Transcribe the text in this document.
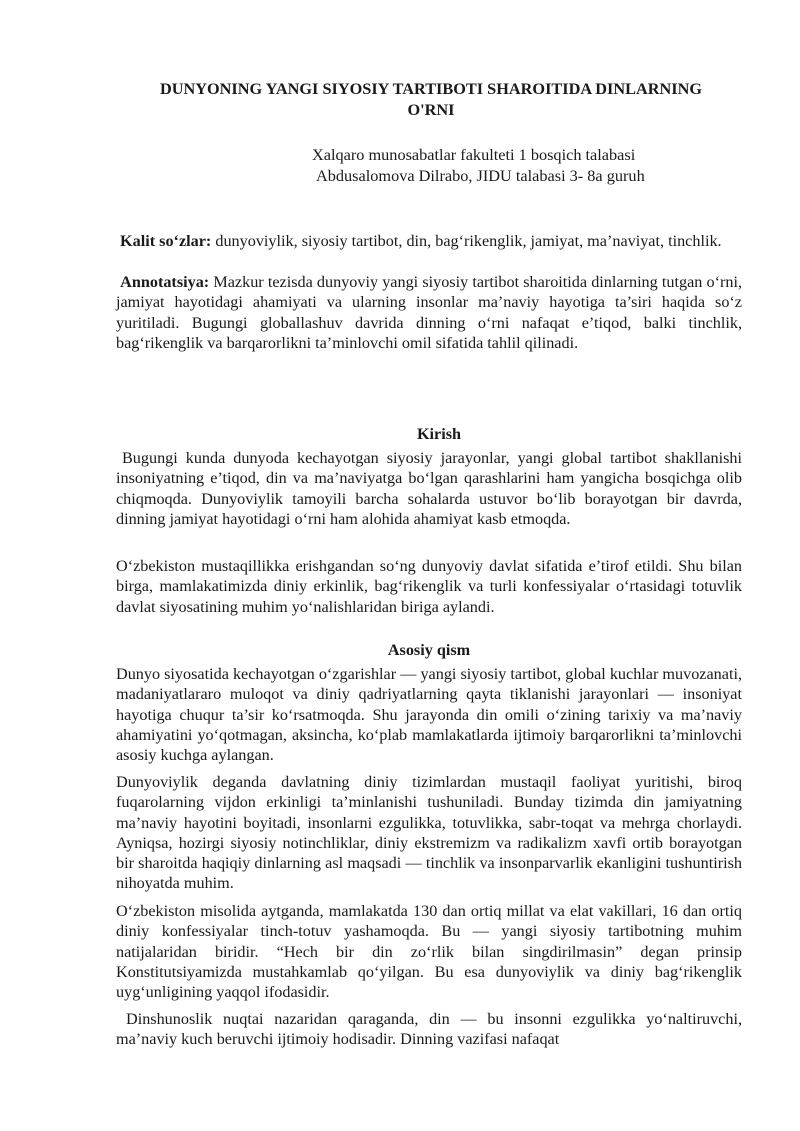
DUNYONING YANGI SIYOSIY TARTIBOTI SHAROITIDA DINLARNING
O'RNI
Xalqaro munosabatlar fakulteti 1 bosqich talabasi
Abdusalomova Dilrabo, JIDU talabasi 3- 8a guruh
Kalit so‘zlar: dunyoviylik, siyosiy tartibot, din, bag‘rikenglik, jamiyat, ma’naviyat, tinchlik.
Annotatsiya: Mazkur tezisda dunyoviy yangi siyosiy tartibot sharoitida dinlarning tutgan o‘rni, jamiyat hayotidagi ahamiyati va ularning insonlar ma’naviy hayotiga ta’siri haqida so‘z yuritiladi. Bugungi globallashuv davrida dinning o‘rni nafaqat e’tiqod, balki tinchlik, bag‘rikenglik va barqarorlikni ta’minlovchi omil sifatida tahlil qilinadi.
Kirish
Bugungi kunda dunyoda kechayotgan siyosiy jarayonlar, yangi global tartibot shakllanishi insoniyatning e’tiqod, din va ma’naviyatga bo‘lgan qarashlarini ham yangicha bosqichga olib chiqmoqda. Dunyoviylik tamoyili barcha sohalarda ustuvor bo‘lib borayotgan bir davrda, dinning jamiyat hayotidagi o‘rni ham alohida ahamiyat kasb etmoqda.
O‘zbekiston mustaqillikka erishgandan so‘ng dunyoviy davlat sifatida e’tirof etildi. Shu bilan birga, mamlakatimizda diniy erkinlik, bag‘rikenglik va turli konfessiyalar o‘rtasidagi totuvlik davlat siyosatining muhim yo‘nalishlaridan biriga aylandi.
Asosiy qism
Dunyo siyosatida kechayotgan o‘zgarishlar — yangi siyosiy tartibot, global kuchlar muvozanati, madaniyatlararo muloqot va diniy qadriyatlarning qayta tiklanishi jarayonlari — insoniyat hayotiga chuqur ta’sir ko‘rsatmoqda. Shu jarayonda din omili o‘zining tarixiy va ma’naviy ahamiyatini yo‘qotmagan, aksincha, ko‘plab mamlakatlarda ijtimoiy barqarorlikni ta’minlovchi asosiy kuchga aylangan.
Dunyoviylik deganda davlatning diniy tizimlardan mustaqil faoliyat yuritishi, biroq fuqarolarning vijdon erkinligi ta’minlanishi tushuniladi. Bunday tizimda din jamiyatning ma’naviy hayotini boyitadi, insonlarni ezgulikka, totuvlikka, sabr-toqat va mehrga chorlaydi. Ayniqsa, hozirgi siyosiy notinchliklar, diniy ekstremizm va radikalizm xavfi ortib borayotgan bir sharoitda haqiqiy dinlarning asl maqsadi — tinchlik va insonparvarlik ekanligini tushuntirish nihoyatda muhim.
O‘zbekiston misolida aytganda, mamlakatda 130 dan ortiq millat va elat vakillari, 16 dan ortiq diniy konfessiyalar tinch-totuv yashamoqda. Bu — yangi siyosiy tartibotning muhim natijalaridan biridir. “Hech bir din zo‘rlik bilan singdirilmasin” degan prinsip Konstitutsiyamizda mustahkamlab qo‘yilgan. Bu esa dunyoviylik va diniy bag‘rikenglik uyg‘unligining yaqqol ifodasidir.
Dinshunoslik nuqtai nazaridan qaraganda, din — bu insonni ezgulikka yo‘naltiruvchi, ma’naviy kuch beruvchi ijtimoiy hodisadir. Dinning vazifasi nafaqat
